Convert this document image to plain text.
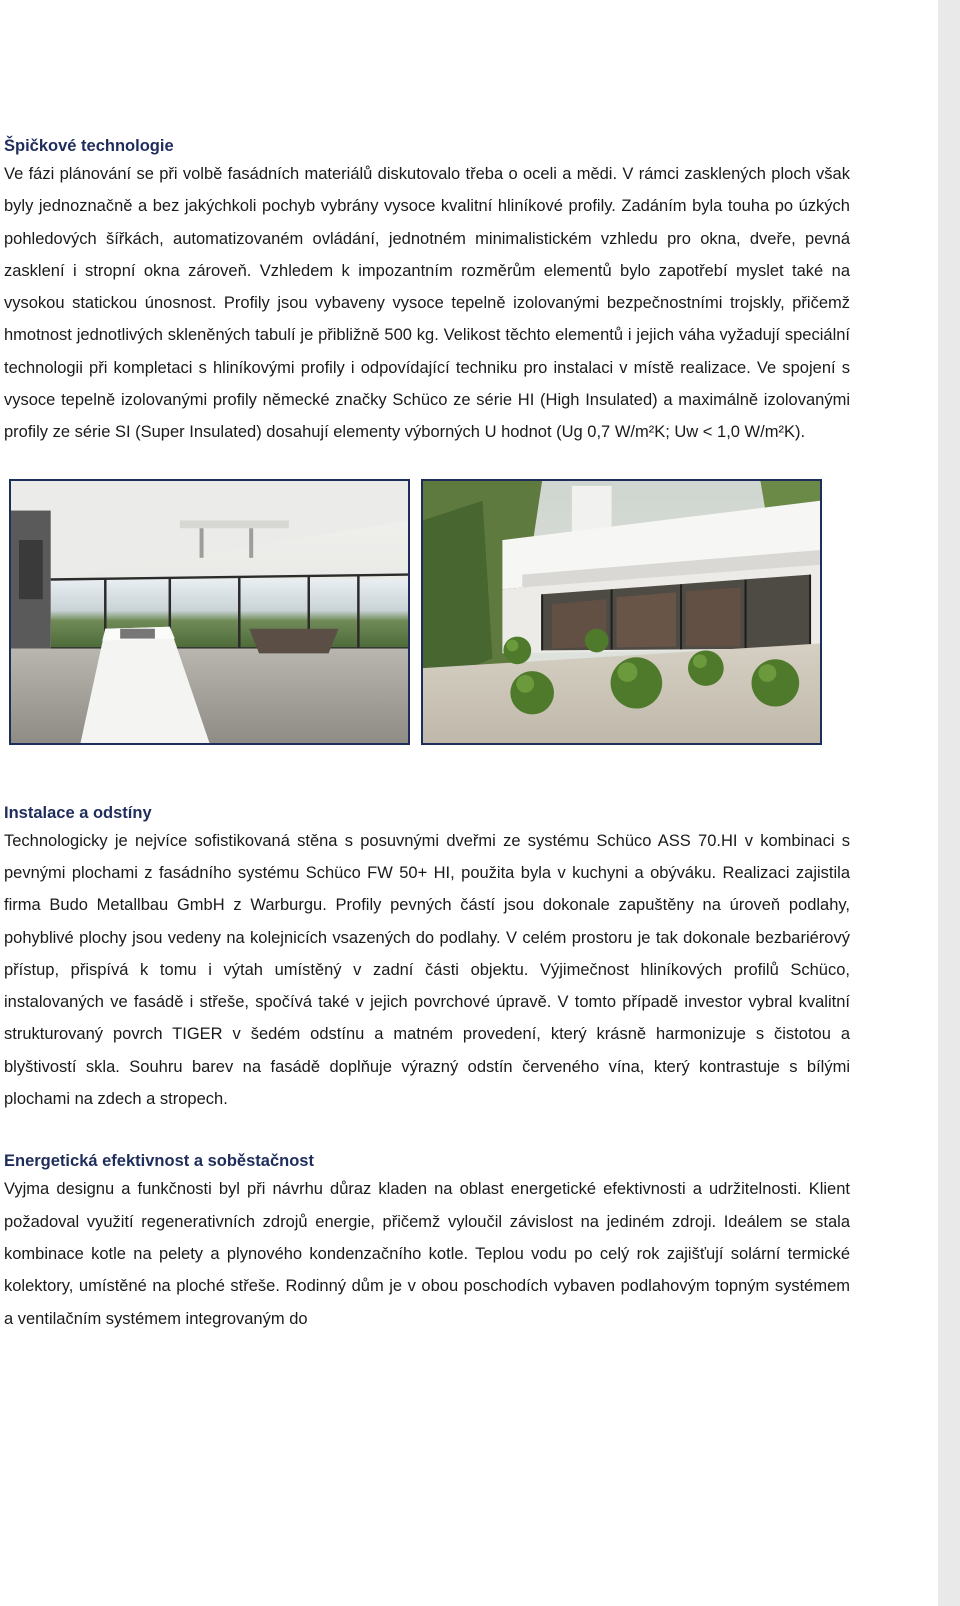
Špičkové technologie

Ve fázi plánování se při volbě fasádních materiálů diskutovalo třeba o oceli a mědi. V rámci zasklených ploch však byly jednoznačně a bez jakýchkoli pochyb vybrány vysoce kvalitní hliníkové profily. Zadáním byla touha po úzkých pohledových šířkách, automatizovaném ovládání, jednotném minimalistickém vzhledu pro okna, dveře, pevná zasklení i stropní okna zároveň. Vzhledem k impozantním rozměrům elementů bylo zapotřebí myslet také na vysokou statickou únosnost. Profily jsou vybaveny vysoce tepelně izolovanými bezpečnostními trojskly, přičemž hmotnost jednotlivých skleněných tabulí je přibližně 500 kg. Velikost těchto elementů i jejich váha vyžadují speciální technologii při kompletaci s hliníkovými profily i odpovídající techniku pro instalaci v místě realizace. Ve spojení s vysoce tepelně izolovanými profily německé značky Schüco ze série HI (High Insulated) a maximálně izolovanými profily ze série SI (Super Insulated) dosahují elementy výborných U hodnot (Ug 0,7 W/m²K; Uw < 1,0 W/m²K).

Instalace a odstíny

Technologicky je nejvíce sofistikovaná stěna s posuvnými dveřmi ze systému Schüco ASS 70.HI v kombinaci s pevnými plochami z fasádního systému Schüco FW 50+ HI, použita byla v kuchyni a obýváku. Realizaci zajistila firma Budo Metallbau GmbH z Warburgu. Profily pevných částí jsou dokonale zapuštěny na úroveň podlahy, pohyblivé plochy jsou vedeny na kolejnicích vsazených do podlahy. V celém prostoru je tak dokonale bezbariérový přístup, přispívá k tomu i výtah umístěný v zadní části objektu. Výjimečnost hliníkových profilů Schüco, instalovaných ve fasádě i střeše, spočívá také v jejich povrchové úpravě. V tomto případě investor vybral kvalitní strukturovaný povrch TIGER v šedém odstínu a matném provedení, který krásně harmonizuje s čistotou a blyštivostí skla. Souhru barev na fasádě doplňuje výrazný odstín červeného vína, který kontrastuje s bílými plochami na zdech a stropech.

Energetická efektivnost a soběstačnost

Vyjma designu a funkčnosti byl při návrhu důraz kladen na oblast energetické efektivnosti a udržitelnosti. Klient požadoval využití regenerativních zdrojů energie, přičemž vyloučil závislost na jediném zdroji. Ideálem se stala kombinace kotle na pelety a plynového kondenzačního kotle. Teplou vodu po celý rok zajišťují solární termické kolektory, umístěné na ploché střeše. Rodinný dům je v obou poschodích vybaven podlahovým topným systémem a ventilačním systémem integrovaným do
